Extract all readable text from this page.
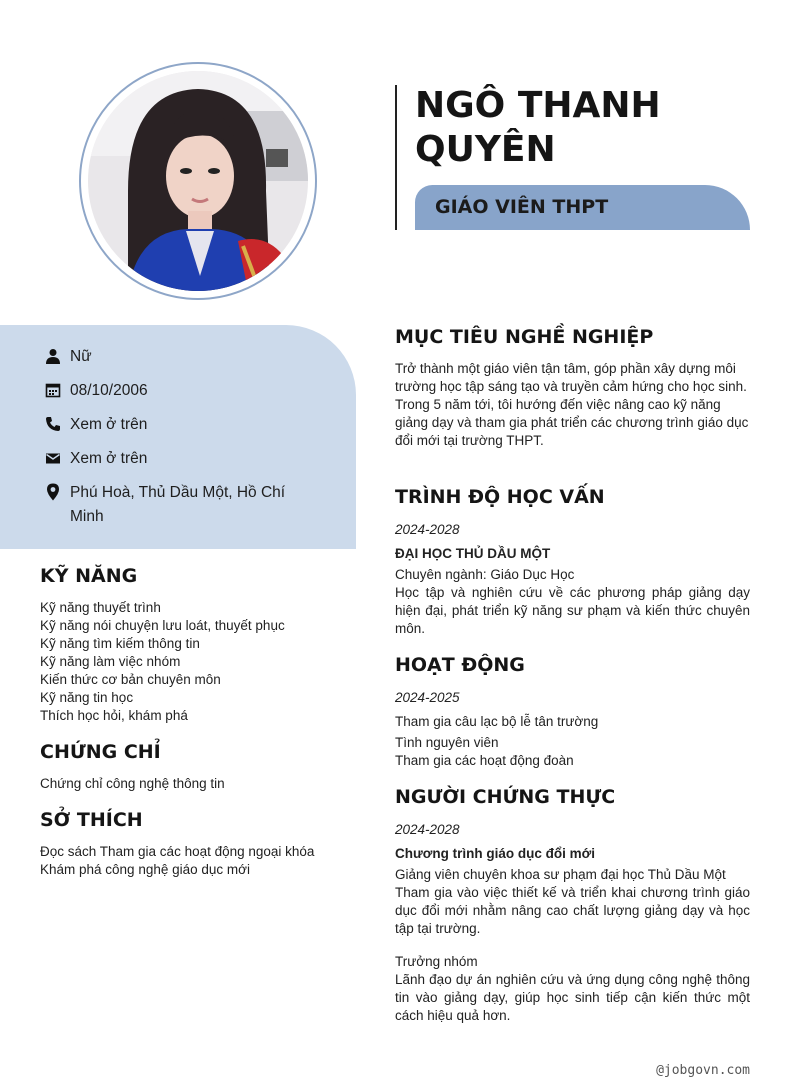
NGÔ THANH QUYÊN
GIÁO VIÊN THPT
Nữ
08/10/2006
Xem ở trên
Xem ở trên
Phú Hoà, Thủ Dầu Một, Hồ Chí Minh
KỸ NĂNG
Kỹ năng thuyết trình
Kỹ năng nói chuyện lưu loát, thuyết phục
Kỹ năng tìm kiếm thông tin
Kỹ năng làm việc nhóm
Kiến thức cơ bản chuyên môn
Kỹ năng tin học
Thích học hỏi, khám phá
CHỨNG CHỈ
Chứng chỉ công nghệ thông tin
SỞ THÍCH
Đọc sách Tham gia các hoạt động ngoại khóa
Khám phá công nghệ giáo dục mới
MỤC TIÊU NGHỀ NGHIỆP
Trở thành một giáo viên tận tâm, góp phần xây dựng môi trường học tập sáng tạo và truyền cảm hứng cho học sinh. Trong 5 năm tới, tôi hướng đến việc nâng cao kỹ năng giảng dạy và tham gia phát triển các chương trình giáo dục đổi mới tại trường THPT.
TRÌNH ĐỘ HỌC VẤN
2024-2028
ĐẠI HỌC THỦ DẦU MỘT
Chuyên ngành: Giáo Dục Học
Học tập và nghiên cứu về các phương pháp giảng dạy hiện đại, phát triển kỹ năng sư phạm và kiến thức chuyên môn.
HOẠT ĐỘNG
2024-2025
Tham gia câu lạc bộ lễ tân trường
Tình nguyên viên
Tham gia các hoạt động đoàn
NGƯỜI CHỨNG THỰC
2024-2028
Chương trình giáo dục đổi mới
Giảng viên chuyên khoa sư phạm đại học Thủ Dầu Một
Tham gia vào việc thiết kế và triển khai chương trình giáo dục đổi mới nhằm nâng cao chất lượng giảng dạy và học tập tại trường.
Trưởng nhóm
Lãnh đạo dự án nghiên cứu và ứng dụng công nghệ thông tin vào giảng dạy, giúp học sinh tiếp cận kiến thức một cách hiệu quả hơn.
@jobgovn.com
